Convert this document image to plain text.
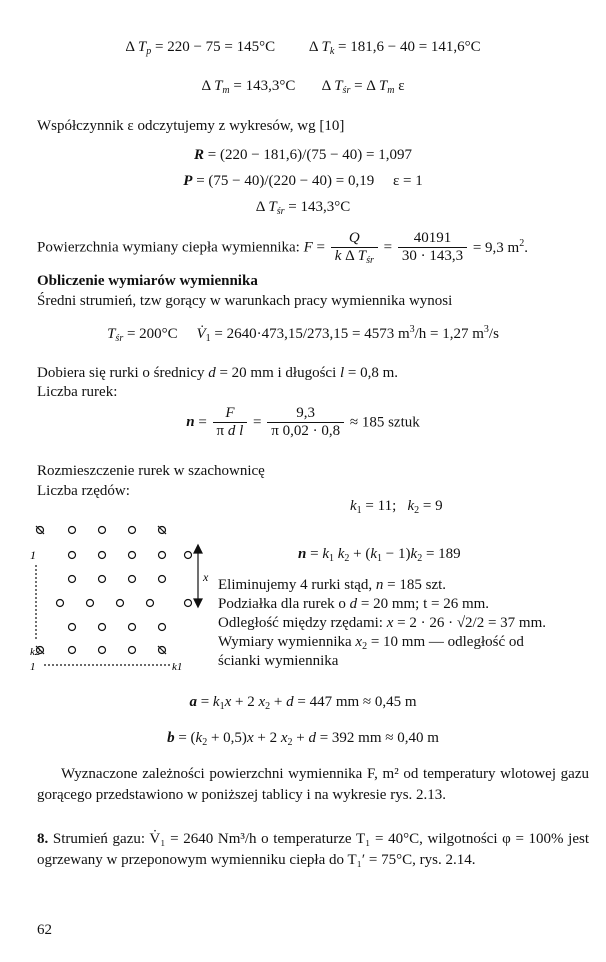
Δ $T_p = 220 - 75 = 145^\circ C$         Δ $T_k = 181,6 - 40 = 141,6^\circ C$
Δ $T_m = 143,3^\circ C$       Δ $T_{śr} = \Delta$ $T_m$ ε
Współczynnik ε odczytujemy z wykresów, wg [10]
R = (220 − 181,6)/(75 − 40) = 1,097
P = (75 − 40)/(220 − 40) = 0,19 ε = 1
Δ $T_{śr} = 143,3^\circ C$
Powierzchnia wymiany ciepła wymiennika: $F = \frac{Q}{k \Delta T_{śr}} = \frac{40191}{30 \cdot 143,3} = 9,3$ $m^2$.
Obliczenie wymiarów wymiennika
Średni strumień, tzw gorący w warunkach pracy wymiennika wynosi
$T_{śr} = 200^\circ C$ $V̇_1 = 2640\cdot 473,15/273,15 = 4573$ $m^3/h = 1,27$ $m^3/s$
Dobiera się rurki o średnicy d = 20 mm i długości l = 0,8 m.
Liczba rurek:
$n = \frac{F}{\text{π d l}} = \frac{9,3}{\pi 0,02 \cdot 0,8} \approx 185$ sztuk
Rozmieszczenie rurek w szachownicę
Liczba rzędów:
$k_1 = 11$; $k_2 = 9$
x
1
k2
1	k1
$n = k_1$ $k_2 + (k_1 - 1)k_2 = 189$
Eliminujemy 4 rurki stąd, n = 185 szt.
Podziałka dla rurek o d = 20 mm; t = 26 mm.
Odległość między rzędami: x = 2 · 26 · √2/2 = 37 mm.
Wymiary wymiennika $x_2 = 10$ mm — odległość od
ścianki wymiennika
$a = k_1x + 2$ $x_2 + d = 447$ mm ≈ 0,45 m
$b = (k_2 + 0,5)x + 2$ $x_2 + d = 392$ mm ≈ 0,40 m
Wyznaczone zależności powierzchni wymiennika F, m² od temperatury wlotowej gazu gorącego przedstawiono w poniższej tablicy i na wykresie rys. 2.13.
8. Strumień gazu: V̇₁ = 2640 Nm³/h o temperaturze T₁ = 40°C, wilgotności φ = 100% jest ogrzewany w przeponowym wymienniku ciepła do T₁′ = 75°C, rys. 2.14.
62
